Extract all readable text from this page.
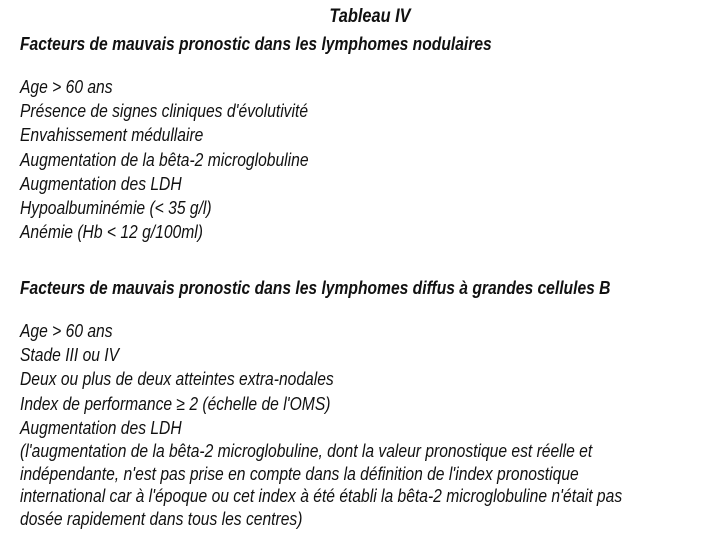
Tableau IV
Facteurs de mauvais pronostic dans les lymphomes nodulaires
Age > 60 ans
Présence de signes cliniques d'évolutivité
Envahissement médullaire
Augmentation de la bêta-2 microglobuline
Augmentation des LDH
Hypoalbuminémie (< 35 g/l)
Anémie (Hb < 12 g/100ml)
Facteurs de mauvais pronostic dans les lymphomes diffus à grandes cellules B
Age > 60 ans
Stade III ou IV
Deux ou plus de deux atteintes extra-nodales
Index de performance ≥ 2 (échelle de l'OMS)
Augmentation des LDH
(l'augmentation de la bêta-2 microglobuline, dont la valeur pronostique est réelle et
indépendante, n'est pas prise en compte dans la définition de l'index pronostique
international car à l'époque ou cet index à été établi la bêta-2 microglobuline n'était pas
dosée rapidement dans tous les centres)
